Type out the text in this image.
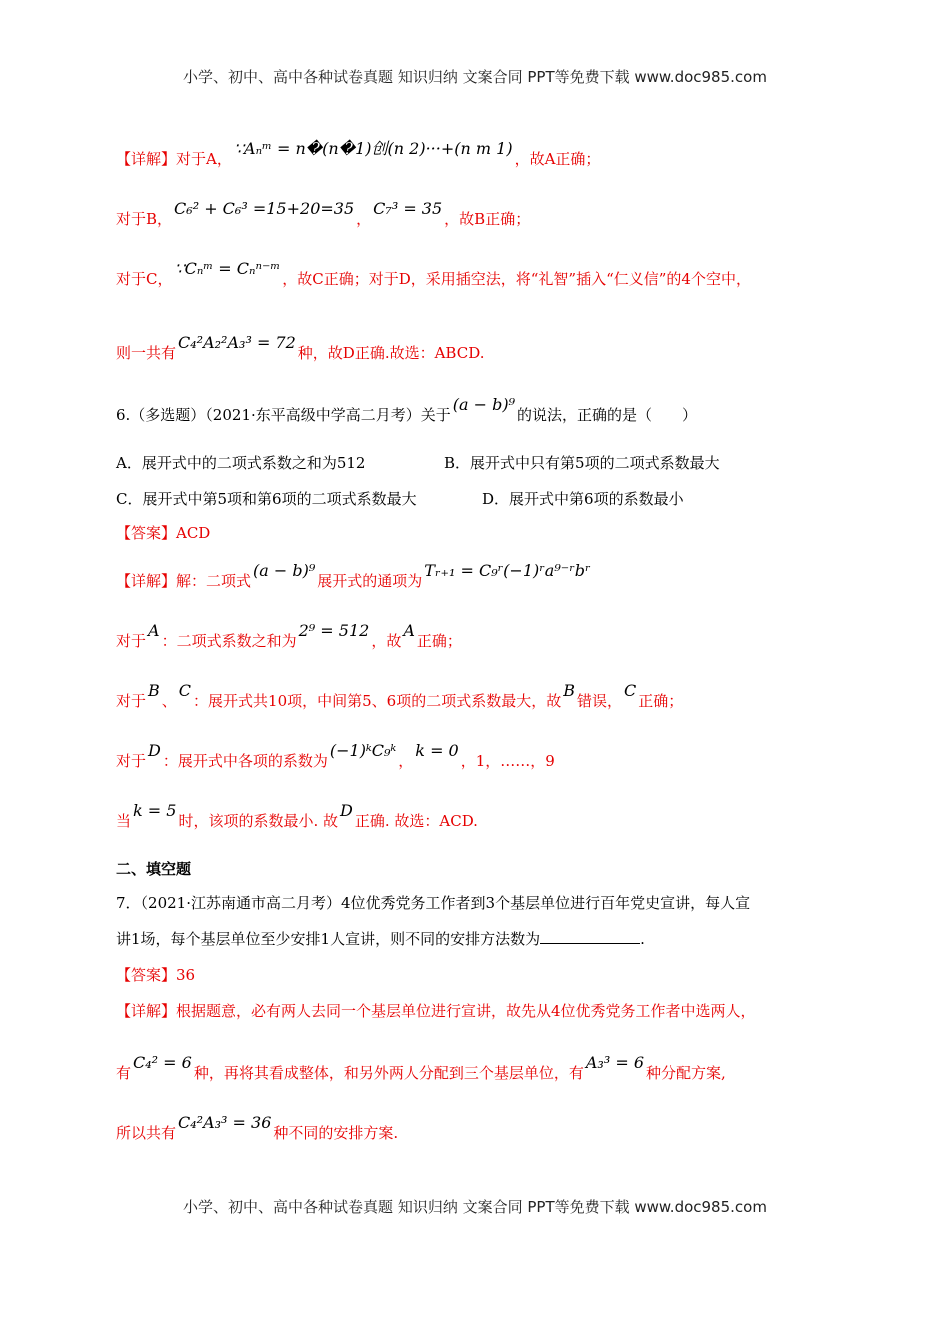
小学、初中、高中各种试卷真题 知识归纳 文案合同 PPT等免费下载 www.doc985.com
【详解】对于A，∵Aₙᵐ = n�(n�1)创(n 2)···+(n m 1)，故A正确；
对于B，C₆² + C₆³ =15+20=35，C₇³ = 35，故B正确；
对于C，∵Cₙᵐ = Cₙⁿ⁻ᵐ，故C正确；对于D，采用插空法，将“礼智”插入“仁义信”的4个空中，
则一共有C₄²A₂²A₃³ = 72种，故D正确.故选：ABCD.
6.（多选题）（2021·东平高级中学高二月考）关于(a − b)⁹的说法，正确的是（　　）
A．展开式中的二项式系数之和为512	B．展开式中只有第5项的二项式系数最大
C．展开式中第5项和第6项的二项式系数最大	D．展开式中第6项的系数最小
【答案】ACD
【详解】解：二项式(a − b)⁹展开式的通项为Tᵣ₊₁ = C₉ʳ(−1)ʳa⁹⁻ʳbʳ
对于A：二项式系数之和为2⁹ = 512，故A正确；
对于B、C：展开式共10项，中间第5、6项的二项式系数最大，故B错误，C正确；
对于D：展开式中各项的系数为(−1)ᵏC₉ᵏ，k = 0，1，……，9
当k = 5时，该项的系数最小. 故D正确. 故选：ACD.
二、填空题
7．（2021·江苏南通市高二月考）4位优秀党务工作者到3个基层单位进行百年党史宣讲，每人宣
讲1场，每个基层单位至少安排1人宣讲，则不同的安排方法数为	.
【答案】36
【详解】根据题意，必有两人去同一个基层单位进行宣讲，故先从4位优秀党务工作者中选两人，
有C₄² = 6种，再将其看成整体，和另外两人分配到三个基层单位，有A₃³ = 6种分配方案,
所以共有C₄²A₃³ = 36种不同的安排方案.
小学、初中、高中各种试卷真题 知识归纳 文案合同 PPT等免费下载 www.doc985.com
